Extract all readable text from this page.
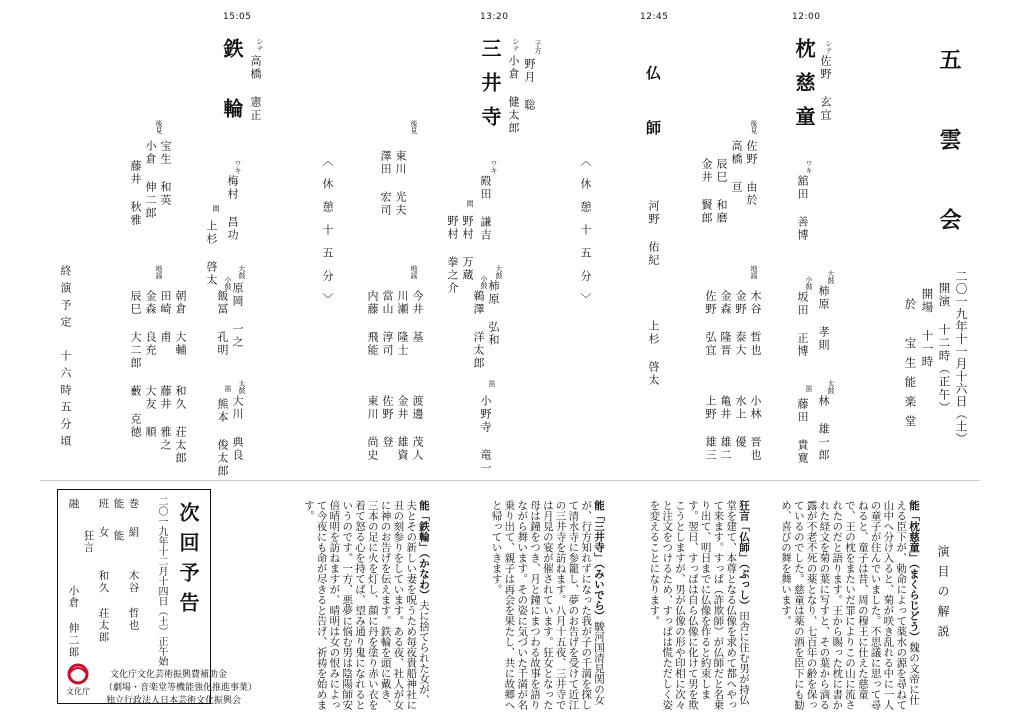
五雲会
二〇一九年十一月十六日（土）
開演 十二時（正午）
開場 十一時
於　宝生能楽堂
12:00
枕慈童 シテ
佐野 玄宜
ワキ
舘田 善博
後見
佐野 由於
高橋 亘
辰巳 和磨
金井 賢郎
大鼓
柿原 孝則
小鼓
坂田 正博
太鼓
林 雄一郎
笛
藤田 貴寛
地謡
木谷 哲也
金野 泰大
金森 隆晋
佐野 弘宜
小林 晋也
水上 優
亀井 雄二
上野 雄三
12:45
仏師
河野 佑紀
上杉 啓太
〈休憩十五分〉
13:20
三井寺 シテ
野月 聡
子方
小倉 健太郎
ワキ
殿田 謙吉
間
野村 万蔵
野村 拳之介
後見
東川 光夫
澤田 宏司
大鼓
柿原 弘和
小鼓
鵜澤 洋太郎
笛
小野寺 竜一
地謡
今井 基
川瀬 隆士
當山 淳司
内藤 飛能
渡邊 茂人
金井 雄資
佐野 登
東川 尚史
〈休憩十五分〉
15:05
鉄輪 シテ
高橋 憲正
ワキ
梅村 昌功
間
上杉 啓太
後見
宝生 和英
小倉 伸二郎
藤井 秋雅
大鼓
原岡 一之
小鼓
飯冨 孔明
太鼓
大川 典良
笛
熊本 俊太郎
地謡
朝倉 大輔
田崎 甫
金森 良充
辰巳 大二郎
和久 荘太郎
藤井 雅之
大友 順
藪 克徳
終演予定　十六時五分頃
演目の解説
能「枕慈童」（まくらじどう）魏の文帝に仕える臣下が、勅命によって薬水の源を尋ねて山中へ分け入ると、菊が咲き乱れる中に一人の童子が住んでいました。不思議に思って尋ねると、童子は昔、周の穆王に仕えた慈童で、王の枕をまたいだ罪によりこの山に流されたのだと語ります。王から賜った枕に書かれた経文を菊の葉に写すと、その葉から滴る露が不老不死の薬となり、七百年の齢を保っているのでした。慈童は薬の酒を臣下にも勧め、喜びの舞を舞います。
狂言「仏師」（ぶっし）田舎に住む男が持仏堂を建て、本尊となる仏像を求めて都へやって来ます。すっぱ（詐欺師）が仏師だと名乗り出て、明日までに仏像を作ると約束します。翌日、すっぱは自ら仏像に化けて男を欺こうとしますが、男が仏像の形や印相に次々と注文をつけるため、すっぱは慌ただしく姿を変えることになります。
能「三井寺」（みいでら）駿河国清見関の女が、行方知れずになった我が子の千満を探して清水寺に参籠し、夢のお告げを受けて近江の三井寺を訪ねます。八月十五夜、三井寺では月見の宴が催されています。狂女となった母は鐘をつき、月と鐘にまつわる故事を語りながら舞います。その姿に気づいた千満が名乗り出て、親子は再会を果たし、共に故郷へと帰っていきます。
能「鉄輪」（かなわ）夫に捨てられた女が、夫とその新しい妻を呪うため毎夜貴船神社に丑の刻参りをしています。ある夜、社人が女に神のお告げを伝えます。鉄輪を頭に戴き、三本の足に火を灯し、顔に丹を塗り赤い衣を着て怒る心を持てば、望み通り鬼になれるというのです。一方、悪夢に悩む男は陰陽師安倍晴明を訪ねますが、晴明は女の恨みによって今夜にも命が尽きると告げ、祈祷を始めます。
次回予告
二〇一九年十二月十四日（土）正午始
能 巻絹
木谷 哲也
能
班女
和久 荘太郎
狂言
融
小倉 伸二郎
文化庁
文化庁文化芸術振興費補助金
（劇場・音楽堂等機能強化推進事業）
独立行政法人日本芸術文化振興会
